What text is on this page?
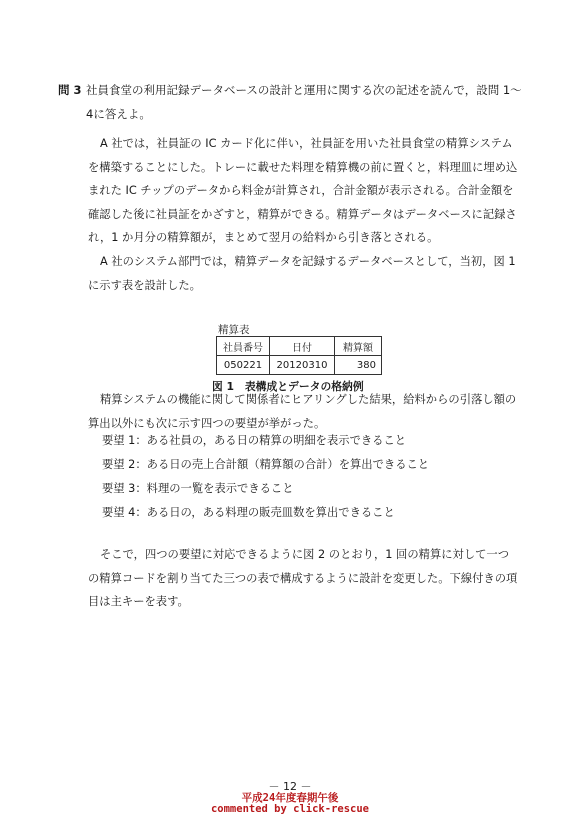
問 3 社員食堂の利用記録データベースの設計と運用に関する次の記述を読んで，設問 1〜4に答えよ。

A 社では，社員証の IC カード化に伴い，社員証を用いた社員食堂の精算システムを構築することにした。トレーに載せた料理を精算機の前に置くと，料理皿に埋め込まれた IC チップのデータから料金が計算され，合計金額が表示される。合計金額を確認した後に社員証をかざすと，精算ができる。精算データはデータベースに記録され，1 か月分の精算額が，まとめて翌月の給料から引き落とされる。

A 社のシステム部門では，精算データを記録するデータベースとして，当初，図 1 に示す表を設計した。

精算表
社員番号	日付	精算額
050221	20120310	380
図 1　表構成とデータの格納例

精算システムの機能に関して関係者にヒアリングした結果，給料からの引落し額の算出以外にも次に示す四つの要望が挙がった。

要望 1：ある社員の，ある日の精算の明細を表示できること
要望 2：ある日の売上合計額（精算額の合計）を算出できること
要望 3：料理の一覧を表示できること
要望 4：ある日の，ある料理の販売皿数を算出できること

そこで，四つの要望に対応できるように図 2 のとおり，1 回の精算に対して一つの精算コードを割り当てた三つの表で構成するように設計を変更した。下線付きの項目は主キーを表す。

－ 12 －
平成24年度春期午後
commented by click-rescue
